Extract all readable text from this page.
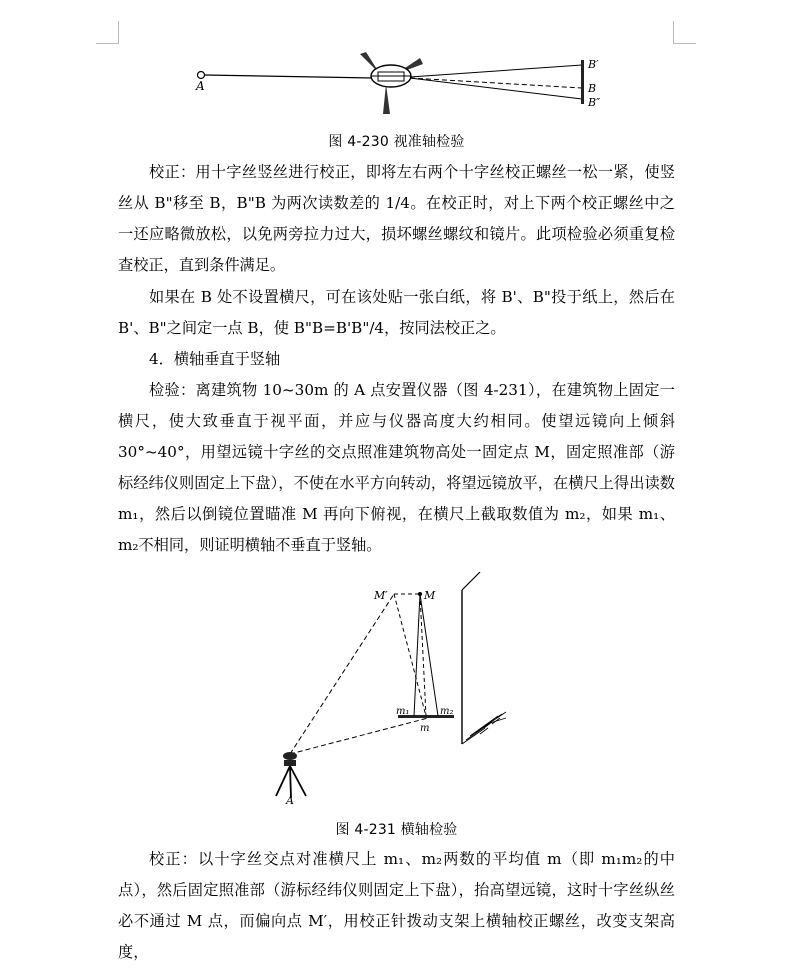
A
B′
B
B″
图 4-230 视准轴检验

校正：用十字丝竖丝进行校正，即将左右两个十字丝校正螺丝一松一紧，使竖丝从 B"移至 B，B"B 为两次读数差的 1/4。在校正时，对上下两个校正螺丝中之一还应略微放松，以免两旁拉力过大，损坏螺丝螺纹和镜片。此项检验必须重复检查校正，直到条件满足。

如果在 B 处不设置横尺，可在该处贴一张白纸，将 B'、B"投于纸上，然后在 B'、B"之间定一点 B，使 B"B=B'B"/4，按同法校正之。

4．横轴垂直于竖轴

检验：离建筑物 10~30m 的 A 点安置仪器（图 4-231），在建筑物上固定一横尺，使大致垂直于视平面，并应与仪器高度大约相同。使望远镜向上倾斜 30°~40°，用望远镜十字丝的交点照准建筑物高处一固定点 M，固定照准部（游标经纬仪则固定上下盘），不使在水平方向转动，将望远镜放平，在横尺上得出读数 m₁，然后以倒镜位置瞄准 M 再向下俯视，在横尺上截取数值为 m₂，如果 m₁、m₂不相同，则证明横轴不垂直于竖轴。

M′	M
m₁
m
m₂
A
图 4-231 横轴检验

校正：以十字丝交点对准横尺上 m₁、m₂两数的平均值 m（即 m₁m₂的中点），然后固定照准部（游标经纬仪则固定上下盘），抬高望远镜，这时十字丝纵丝必不通过 M 点，而偏向点 M′，用校正针拨动支架上横轴校正螺丝，改变支架高度，
